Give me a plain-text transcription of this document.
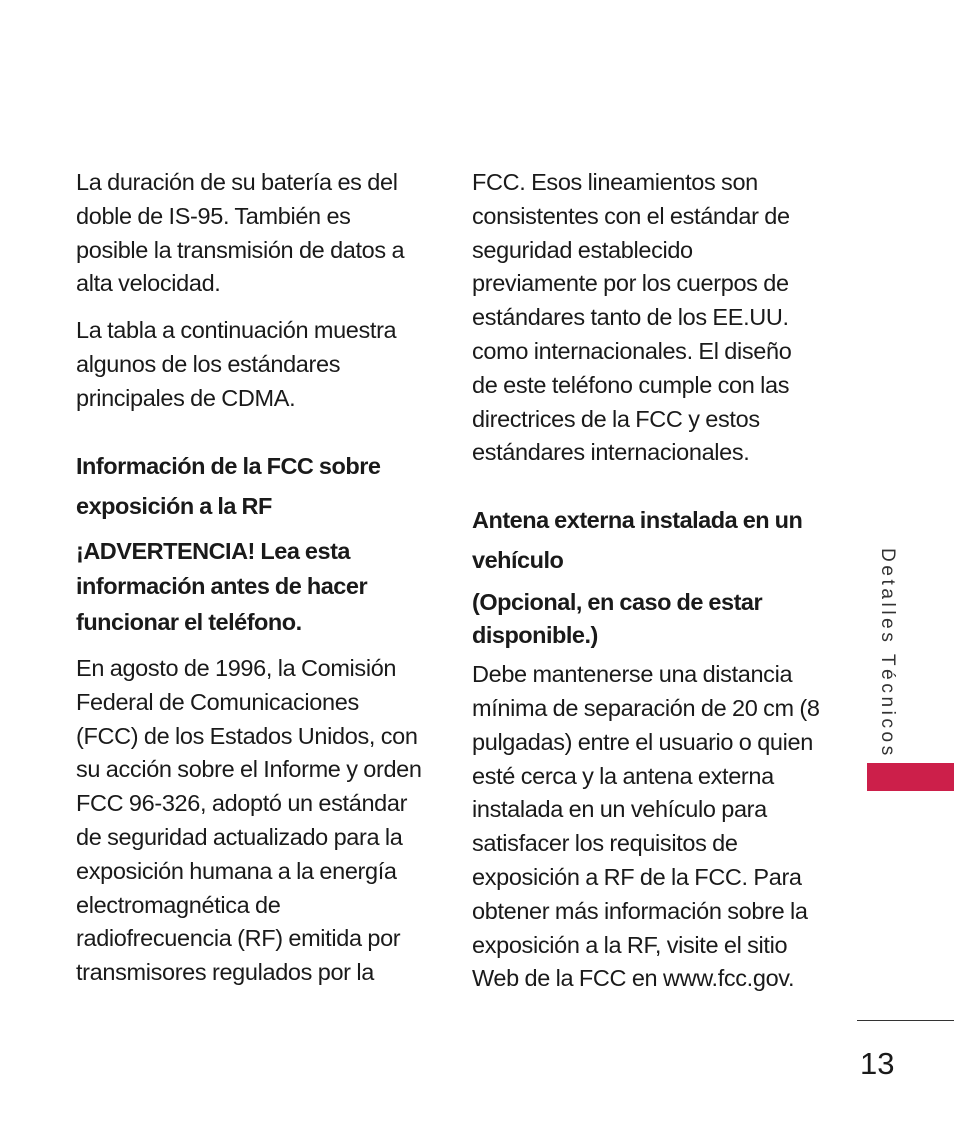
La duración de su batería es del doble de IS-95. También es posible la transmisión de datos a alta velocidad.

La tabla a continuación muestra algunos de los estándares principales de CDMA.

Información de la FCC sobre exposición a la RF

¡ADVERTENCIA! Lea esta información antes de hacer funcionar el teléfono.

En agosto de 1996, la Comisión Federal de Comunicaciones (FCC) de los Estados Unidos, con su acción sobre el Informe y orden FCC 96-326, adoptó un estándar de seguridad actualizado para la exposición humana a la energía electromagnética de radiofrecuencia (RF) emitida por transmisores regulados por la

FCC. Esos lineamientos son consistentes con el estándar de seguridad establecido previamente por los cuerpos de estándares tanto de los EE.UU. como internacionales. El diseño de este teléfono cumple con las directrices de la FCC y estos estándares internacionales.

Antena externa instalada en un vehículo

(Opcional, en caso de estar disponible.)

Debe mantenerse una distancia mínima de separación de 20 cm (8 pulgadas) entre el usuario o quien esté cerca y la antena externa instalada en un vehículo para satisfacer los requisitos de exposición a RF de la FCC. Para obtener más información sobre la exposición a la RF, visite el sitio Web de la FCC en www.fcc.gov.

Detalles Técnicos
13
